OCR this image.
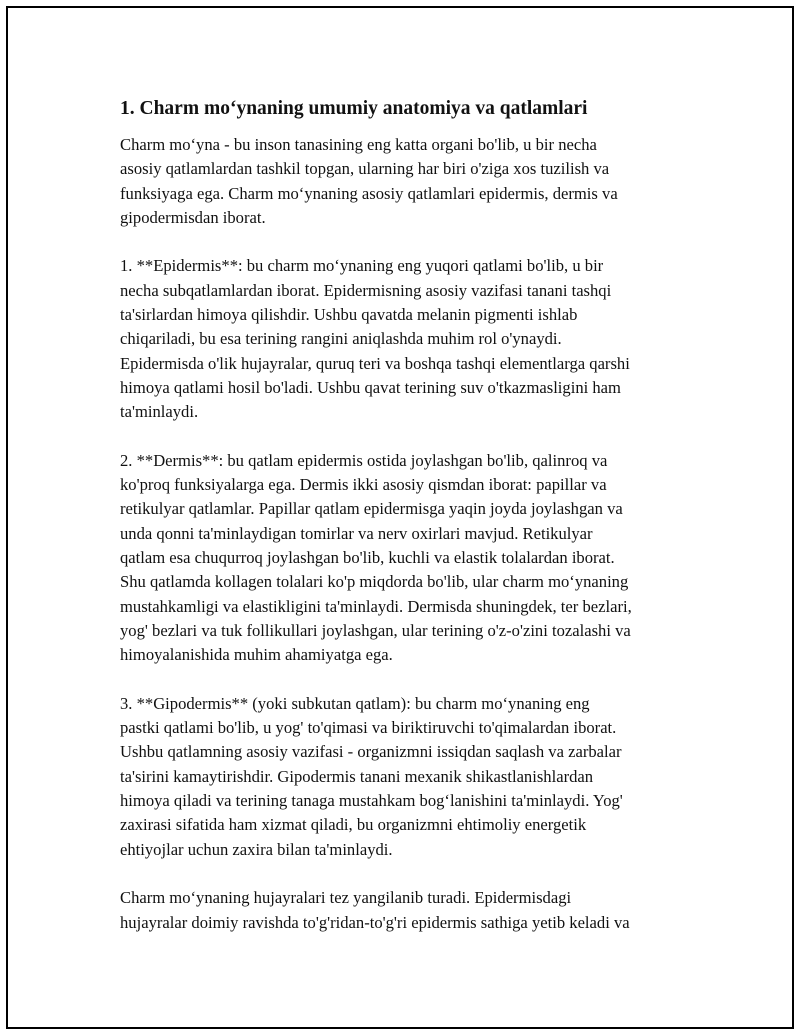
1. Charm mo‘ynaning umumiy anatomiya va qatlamlari

Charm mo‘yna - bu inson tanasining eng katta organi bo'lib, u bir necha
asosiy qatlamlardan tashkil topgan, ularning har biri o'ziga xos tuzilish va
funksiyaga ega. Charm mo‘ynaning asosiy qatlamlari epidermis, dermis va
gipodermisdan iborat.

1. **Epidermis**: bu charm mo‘ynaning eng yuqori qatlami bo'lib, u bir
necha subqatlamlardan iborat. Epidermisning asosiy vazifasi tanani tashqi
ta'sirlardan himoya qilishdir. Ushbu qavatda melanin pigmenti ishlab
chiqariladi, bu esa terining rangini aniqlashda muhim rol o'ynaydi.
Epidermisda o'lik hujayralar, quruq teri va boshqa tashqi elementlarga qarshi
himoya qatlami hosil bo'ladi. Ushbu qavat terining suv o'tkazmasligini ham
ta'minlaydi.

2. **Dermis**: bu qatlam epidermis ostida joylashgan bo'lib, qalinroq va
ko'proq funksiyalarga ega. Dermis ikki asosiy qismdan iborat: papillar va
retikulyar qatlamlar. Papillar qatlam epidermisga yaqin joyda joylashgan va
unda qonni ta'minlaydigan tomirlar va nerv oxirlari mavjud. Retikulyar
qatlam esa chuqurroq joylashgan bo'lib, kuchli va elastik tolalardan iborat.
Shu qatlamda kollagen tolalari ko'p miqdorda bo'lib, ular charm mo‘ynaning
mustahkamligi va elastikligini ta'minlaydi. Dermisda shuningdek, ter bezlari,
yog' bezlari va tuk follikullari joylashgan, ular terining o'z-o'zini tozalashi va
himoyalanishida muhim ahamiyatga ega.

3. **Gipodermis** (yoki subkutan qatlam): bu charm mo‘ynaning eng
pastki qatlami bo'lib, u yog' to'qimasi va biriktiruvchi to'qimalardan iborat.
Ushbu qatlamning asosiy vazifasi - organizmni issiqdan saqlash va zarbalar
ta'sirini kamaytirishdir. Gipodermis tanani mexanik shikastlanishlardan
himoya qiladi va terining tanaga mustahkam bog‘lanishini ta'minlaydi. Yog'
zaxirasi sifatida ham xizmat qiladi, bu organizmni ehtimoliy energetik
ehtiyojlar uchun zaxira bilan ta'minlaydi.

Charm mo‘ynaning hujayralari tez yangilanib turadi. Epidermisdagi
hujayralar doimiy ravishda to'g'ridan-to'g'ri epidermis sathiga yetib keladi va
